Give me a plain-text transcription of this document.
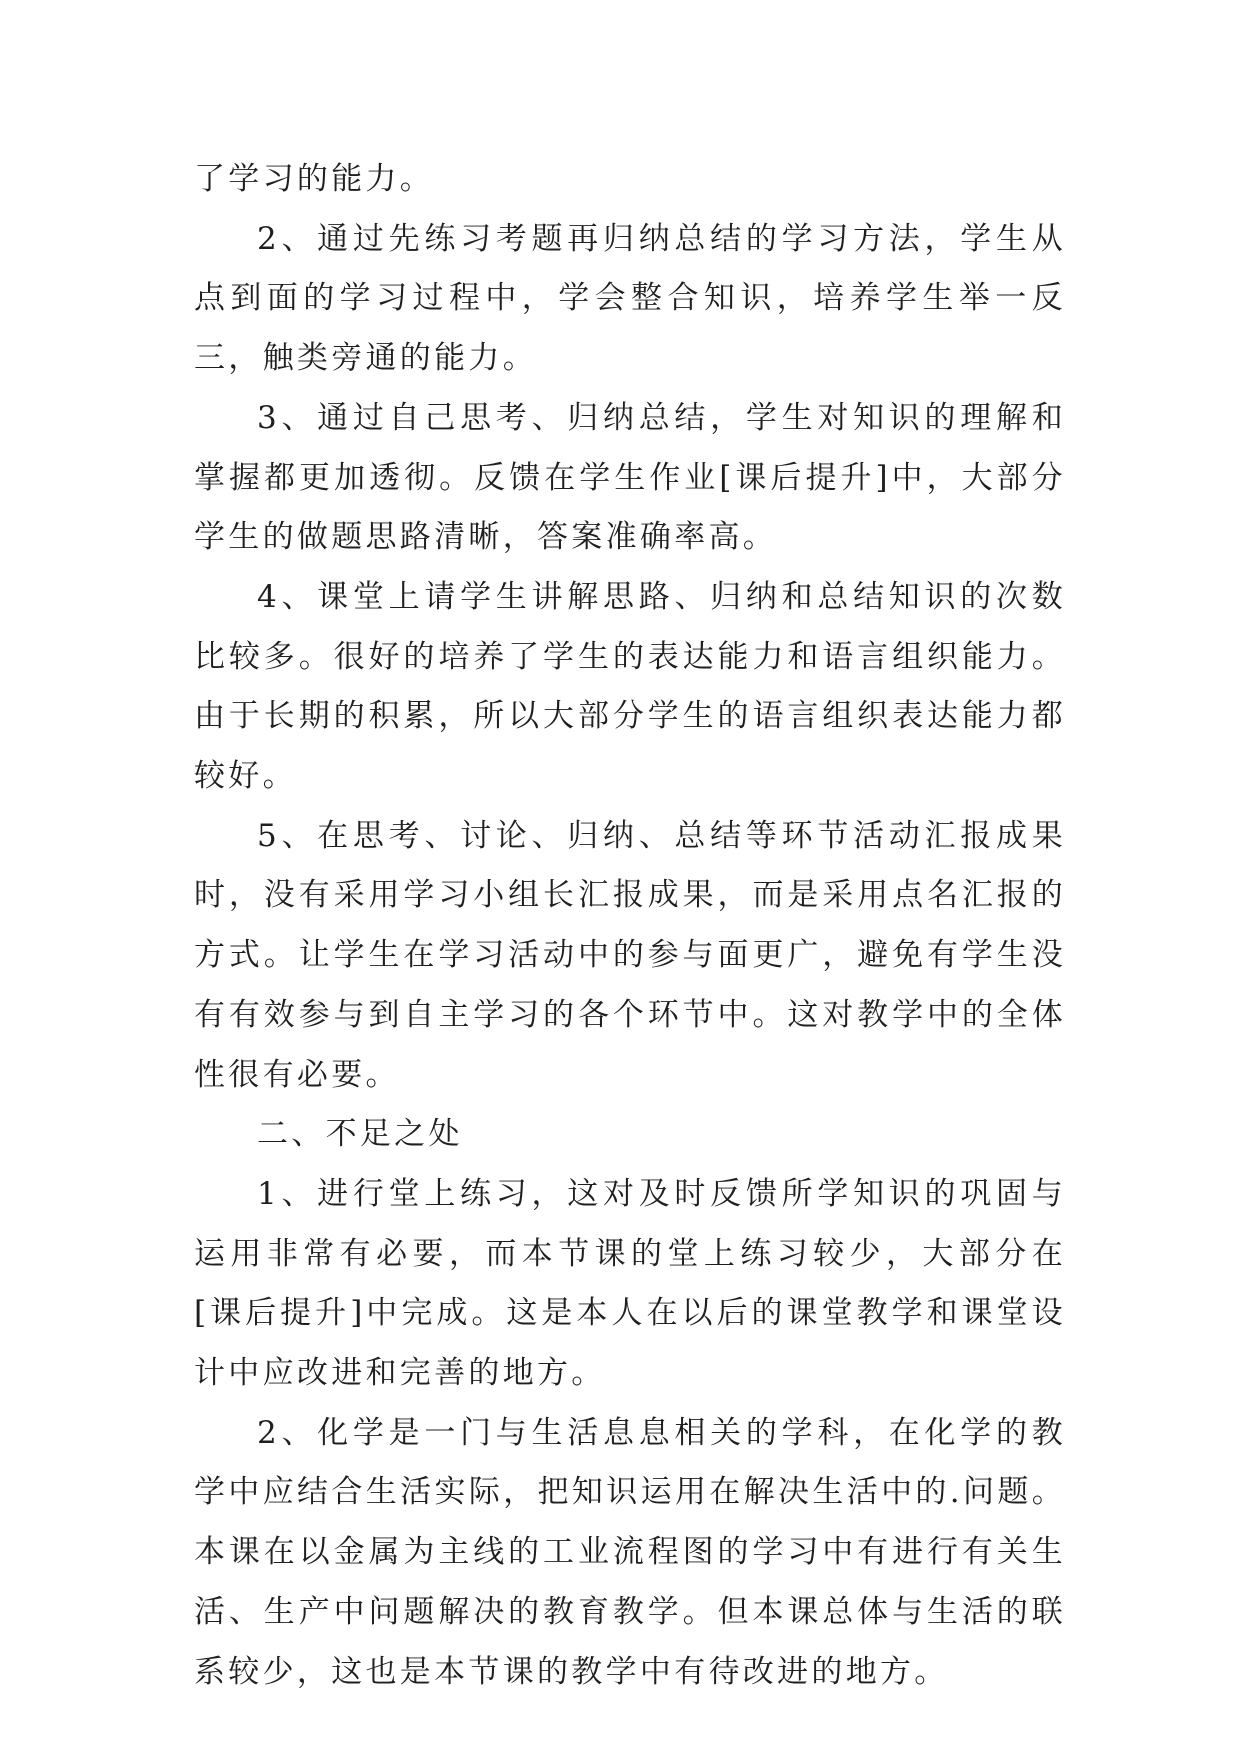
了学习的能力。

2、通过先练习考题再归纳总结的学习方法，学生从点到面的学习过程中，学会整合知识，培养学生举一反三，触类旁通的能力。

3、通过自己思考、归纳总结，学生对知识的理解和掌握都更加透彻。反馈在学生作业[课后提升]中，大部分学生的做题思路清晰，答案准确率高。

4、课堂上请学生讲解思路、归纳和总结知识的次数比较多。很好的培养了学生的表达能力和语言组织能力。由于长期的积累，所以大部分学生的语言组织表达能力都较好。

5、在思考、讨论、归纳、总结等环节活动汇报成果时，没有采用学习小组长汇报成果，而是采用点名汇报的方式。让学生在学习活动中的参与面更广，避免有学生没有有效参与到自主学习的各个环节中。这对教学中的全体性很有必要。

二、不足之处

1、进行堂上练习，这对及时反馈所学知识的巩固与运用非常有必要，而本节课的堂上练习较少，大部分在[课后提升]中完成。这是本人在以后的课堂教学和课堂设计中应改进和完善的地方。

2、化学是一门与生活息息相关的学科，在化学的教学中应结合生活实际，把知识运用在解决生活中的.问题。本课在以金属为主线的工业流程图的学习中有进行有关生活、生产中问题解决的教育教学。但本课总体与生活的联系较少，这也是本节课的教学中有待改进的地方。
